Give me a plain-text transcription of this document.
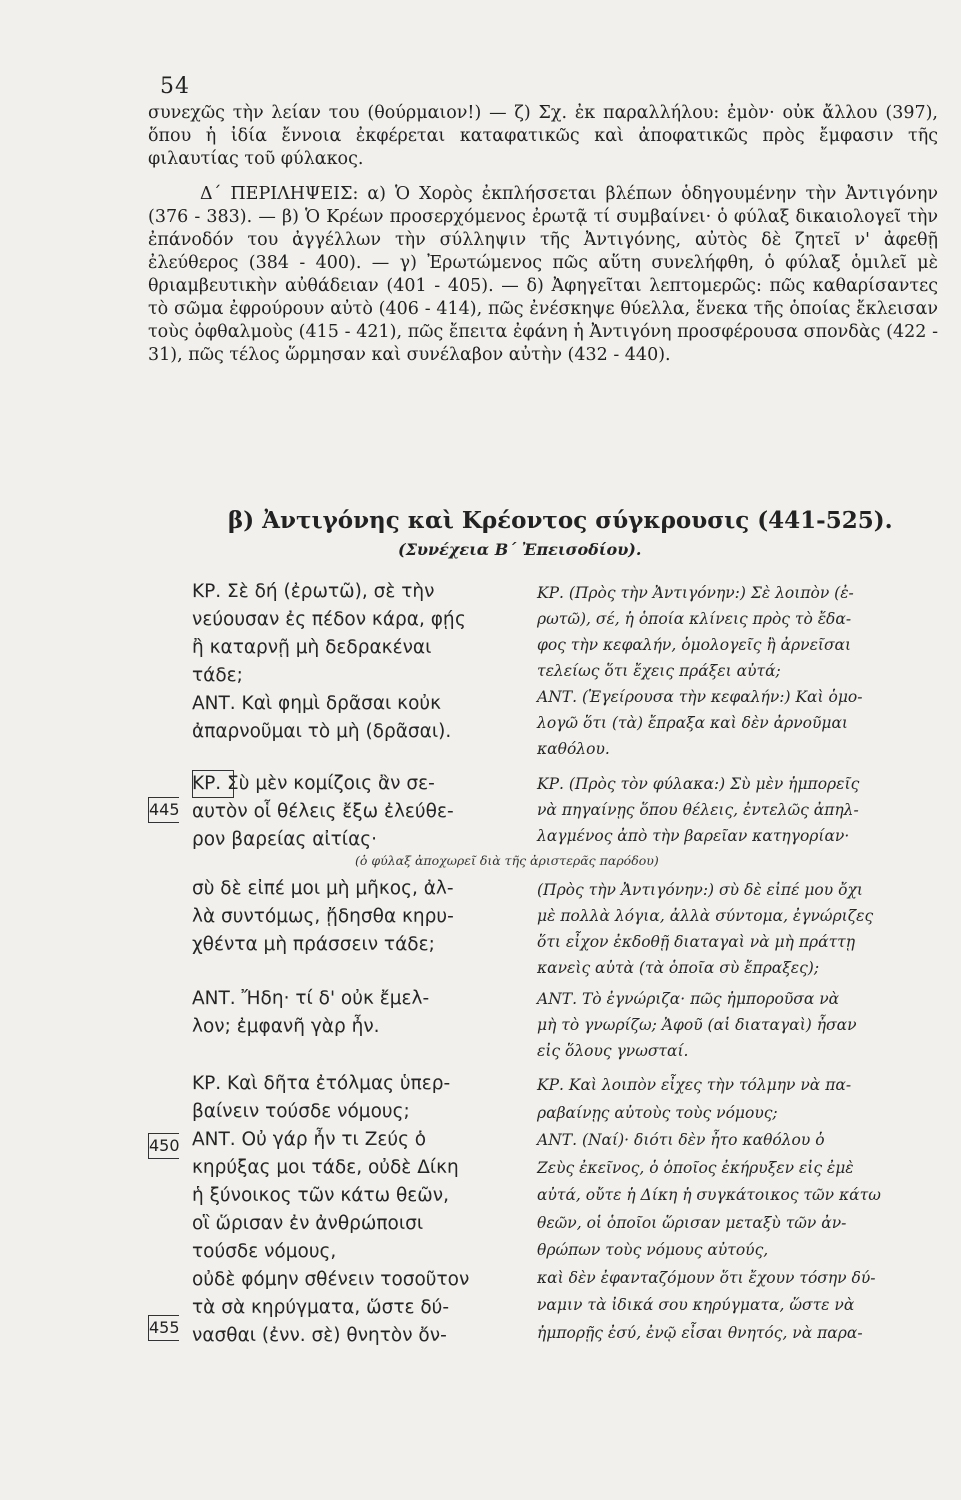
54

συνεχῶς τὴν λείαν του (θούρμαιον!) — ζ) Σχ. ἐκ παραλλήλου: ἐμὸν· οὐκ ἄλλου (397), ὅπου ἡ ἰδία ἔννοια ἐκφέρεται καταφατικῶς καὶ ἀποφατικῶς πρὸς ἔμφασιν τῆς φιλαυτίας τοῦ φύλακος.

Δ΄ ΠΕΡΙΛΗΨΕΙΣ: α) Ὁ Χορὸς ἐκπλήσσεται βλέπων ὁδηγουμένην τὴν Ἀντιγόνην (376 - 383). — β) Ὁ Κρέων προσερχόμενος ἐρωτᾷ τί συμβαίνει· ὁ φύλαξ δικαιολογεῖ τὴν ἐπάνοδόν του ἀγγέλλων τὴν σύλληψιν τῆς Ἀντιγόνης, αὐτὸς δὲ ζητεῖ ν' ἀφεθῇ ἐλεύθερος (384 - 400). — γ) Ἐρωτώμενος πῶς αὕτη συνελήφθη, ὁ φύλαξ ὁμιλεῖ μὲ θριαμβευτικὴν αὐθάδειαν (401 - 405). — δ) Ἀφηγεῖται λεπτομερῶς: πῶς καθαρίσαντες τὸ σῶμα ἐφρούρουν αὐτὸ (406 - 414), πῶς ἐνέσκηψε θύελλα, ἕνεκα τῆς ὁποίας ἔκλεισαν τοὺς ὀφθαλμοὺς (415 - 421), πῶς ἔπειτα ἐφάνη ἡ Ἀντιγόνη προσφέρουσα σπονδὰς (422 - 31), πῶς τέλος ὥρμησαν καὶ συνέλαβον αὐτὴν (432 - 440).

β) Ἀντιγόνης καὶ Κρέοντος σύγκρουσις (441-525).
(Συνέχεια Β΄ Ἐπεισοδίου).
ΚΡ. Σὲ δή (ἐρωτῶ), σὲ τὴν
νεύουσαν ἐς πέδον κάρα, φῄς
ἢ καταρνῇ μὴ δεδρακέναι
τάδε;
ΑΝΤ. Καὶ φημὶ δρᾶσαι κοὐκ
ἀπαρνοῦμαι τὸ μὴ (δρᾶσαι).
ΚΡ. (Πρὸς τὴν Ἀντιγόνην:) Σὲ λοιπὸν (ἐ-
ρωτῶ), σέ, ἡ ὁποία κλίνεις πρὸς τὸ ἔδα-
φος τὴν κεφαλήν, ὁμολογεῖς ἢ ἀρνεῖσαι
τελείως ὅτι ἔχεις πράξει αὐτά;
ΑΝΤ. (Ἐγείρουσα τὴν κεφαλήν:) Καὶ ὁμο-
λογῶ ὅτι (τὰ) ἔπραξα καὶ δὲν ἀρνοῦμαι
καθόλου.
445
ΚΡ. Σὺ μὲν κομίζοις ἂν σε-
αυτὸν οἷ θέλεις ἔξω ἐλεύθε-
ρον βαρείας αἰτίας·
ΚΡ. (Πρὸς τὸν φύλακα:) Σὺ μὲν ἠμπορεῖς
νὰ πηγαίνῃς ὅπου θέλεις, ἐντελῶς ἀπηλ-
λαγμένος ἀπὸ τὴν βαρεῖαν κατηγορίαν·
(ὁ φύλαξ ἀποχωρεῖ διὰ τῆς ἀριστερᾶς παρόδου)
σὺ δὲ εἰπέ μοι μὴ μῆκος, ἀλ-
λὰ συντόμως, ᾔδησθα κηρυ-
χθέντα μὴ πράσσειν τάδε;
(Πρὸς τὴν Ἀντιγόνην:) σὺ δὲ εἰπέ μου ὄχι
μὲ πολλὰ λόγια, ἀλλὰ σύντομα, ἐγνώριζες
ὅτι εἶχον ἐκδοθῇ διαταγαὶ νὰ μὴ πράττῃ
κανεὶς αὐτὰ (τὰ ὁποῖα σὺ ἔπραξες);
ΑΝΤ. Ἤδη· τί δ' οὐκ ἔμελ-
λον; ἐμφανῆ γὰρ ἦν.
ΑΝΤ. Τὸ ἐγνώριζα· πῶς ἠμποροῦσα νὰ
μὴ τὸ γνωρίζω; Ἀφοῦ (αἱ διαταγαὶ) ἦσαν
εἰς ὅλους γνωσταί.
450
455
ΚΡ. Καὶ δῆτα ἐτόλμας ὑπερ-
βαίνειν τούσδε νόμους;
ΑΝΤ. Οὐ γάρ ἦν τι Ζεύς ὁ
κηρύξας μοι τάδε, οὐδὲ Δίκη
ἡ ξύνοικος τῶν κάτω θεῶν,
οἳ ὥρισαν ἐν ἀνθρώποισι
τούσδε νόμους,
οὐδὲ φόμην σθένειν τοσοῦτον
τὰ σὰ κηρύγματα, ὥστε δύ-
νασθαι (ἐνν. σὲ) θνητὸν ὄν-
ΚΡ. Καὶ λοιπὸν εἶχες τὴν τόλμην νὰ πα-
ραβαίνῃς αὐτοὺς τοὺς νόμους;
ΑΝΤ. (Ναί)· διότι δὲν ἦτο καθόλου ὁ
Ζεὺς ἐκεῖνος, ὁ ὁποῖος ἐκήρυξεν εἰς ἐμὲ
αὐτά, οὔτε ἡ Δίκη ἡ συγκάτοικος τῶν κάτω
θεῶν, οἱ ὁποῖοι ὥρισαν μεταξὺ τῶν ἀν-
θρώπων τοὺς νόμους αὐτούς,
καὶ δὲν ἐφανταζόμουν ὅτι ἔχουν τόσην δύ-
ναμιν τὰ ἰδικά σου κηρύγματα, ὥστε νὰ
ἠμπορῇς ἐσύ, ἐνῷ εἶσαι θνητός, νὰ παρα-
